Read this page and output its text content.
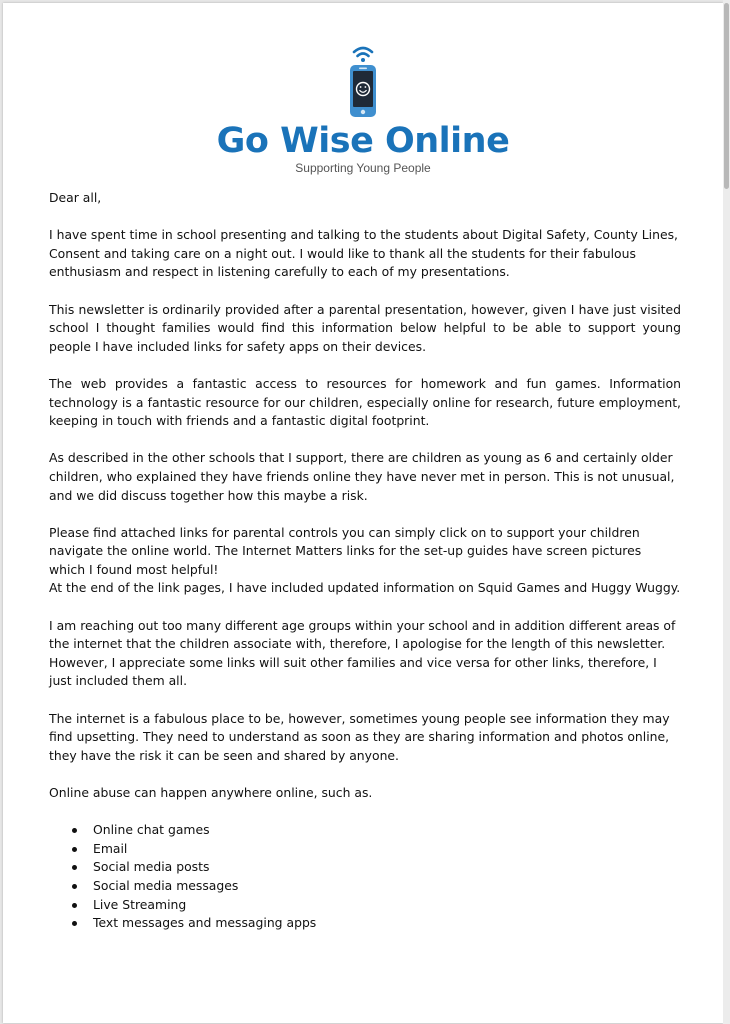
Go Wise Online
Supporting Young People

Dear all,

I have spent time in school presenting and talking to the students about Digital Safety, County Lines, Consent and taking care on a night out. I would like to thank all the students for their fabulous enthusiasm and respect in listening carefully to each of my presentations.

This newsletter is ordinarily provided after a parental presentation, however, given I have just visited school I thought families would find this information below helpful to be able to support young people I have included links for safety apps on their devices.

The web provides a fantastic access to resources for homework and fun games. Information technology is a fantastic resource for our children, especially online for research, future employment, keeping in touch with friends and a fantastic digital footprint.

As described in the other schools that I support, there are children as young as 6 and certainly older children, who explained they have friends online they have never met in person. This is not unusual, and we did discuss together how this maybe a risk.

Please find attached links for parental controls you can simply click on to support your children navigate the online world. The Internet Matters links for the set-up guides have screen pictures which I found most helpful!

At the end of the link pages, I have included updated information on Squid Games and Huggy Wuggy.

I am reaching out too many different age groups within your school and in addition different areas of the internet that the children associate with, therefore, I apologise for the length of this newsletter. However, I appreciate some links will suit other families and vice versa for other links, therefore, I just included them all.

The internet is a fabulous place to be, however, sometimes young people see information they may find upsetting. They need to understand as soon as they are sharing information and photos online, they have the risk it can be seen and shared by anyone.

Online abuse can happen anywhere online, such as.

Online chat games
Email
Social media posts
Social media messages
Live Streaming
Text messages and messaging apps
